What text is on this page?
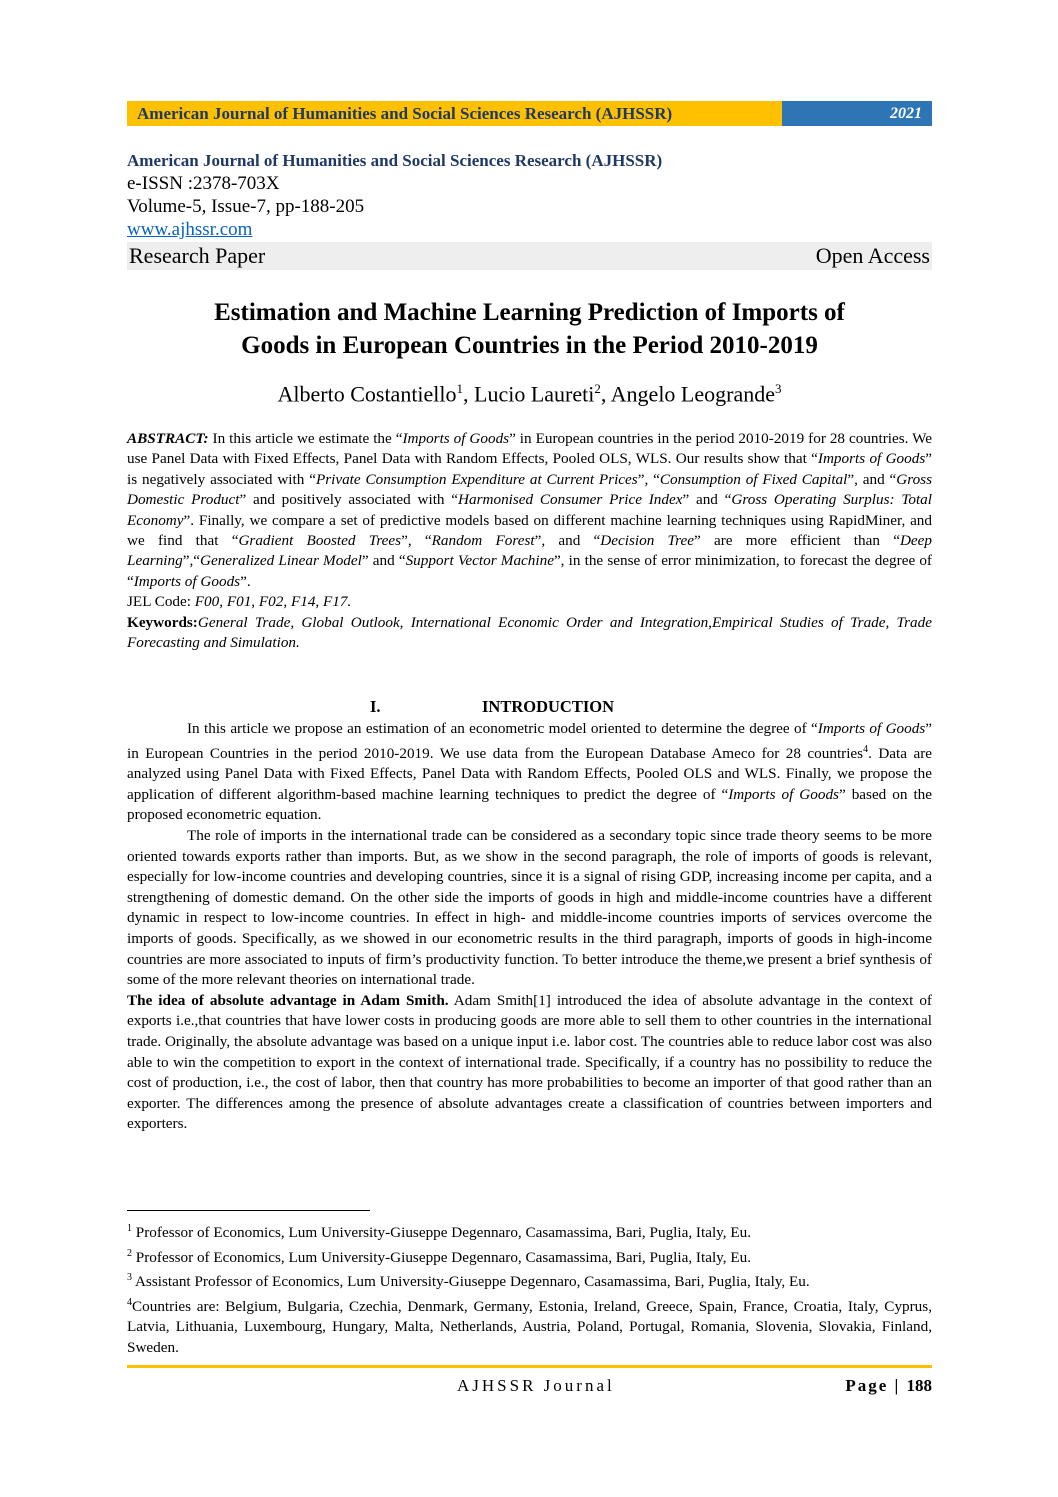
American Journal of Humanities and Social Sciences Research (AJHSSR)	2021
American Journal of Humanities and Social Sciences Research (AJHSSR)
e-ISSN :2378-703X
Volume-5, Issue-7, pp-188-205
www.ajhssr.com
Research Paper	Open Access
Estimation and Machine Learning Prediction of Imports of
Goods in European Countries in the Period 2010-2019
Alberto Costantiello$^1$, Lucio Laureti$^2$, Angelo Leogrande$^3$

ABSTRACT: In this article we estimate the “Imports of Goods” in European countries in the period 2010-2019 for 28 countries. We use Panel Data with Fixed Effects, Panel Data with Random Effects, Pooled OLS, WLS. Our results show that “Imports of Goods” is negatively associated with “Private Consumption Expenditure at Current Prices”, “Consumption of Fixed Capital”, and “Gross Domestic Product” and positively associated with “Harmonised Consumer Price Index” and “Gross Operating Surplus: Total Economy”. Finally, we compare a set of predictive models based on different machine learning techniques using RapidMiner, and we find that “Gradient Boosted Trees”, “Random Forest”, and “Decision Tree” are more efficient than “Deep Learning”,“Generalized Linear Model” and “Support Vector Machine”, in the sense of error minimization, to forecast the degree of “Imports of Goods”.

JEL Code: F00, F01, F02, F14, F17.

Keywords:General Trade, Global Outlook, International Economic Order and Integration,Empirical Studies of Trade, Trade Forecasting and Simulation.

I.	INTRODUCTION

In this article we propose an estimation of an econometric model oriented to determine the degree of “Imports of Goods” in European Countries in the period 2010-2019. We use data from the European Database Ameco for 28 countries$^4$. Data are analyzed using Panel Data with Fixed Effects, Panel Data with Random Effects, Pooled OLS and WLS. Finally, we propose the application of different algorithm-based machine learning techniques to predict the degree of “Imports of Goods” based on the proposed econometric equation.

The role of imports in the international trade can be considered as a secondary topic since trade theory seems to be more oriented towards exports rather than imports. But, as we show in the second paragraph, the role of imports of goods is relevant, especially for low-income countries and developing countries, since it is a signal of rising GDP, increasing income per capita, and a strengthening of domestic demand. On the other side the imports of goods in high and middle-income countries have a different dynamic in respect to low-income countries. In effect in high- and middle-income countries imports of services overcome the imports of goods. Specifically, as we showed in our econometric results in the third paragraph, imports of goods in high-income countries are more associated to inputs of firm’s productivity function. To better introduce the theme,we present a brief synthesis of some of the more relevant theories on international trade.

The idea of absolute advantage in Adam Smith. Adam Smith[1] introduced the idea of absolute advantage in the context of exports i.e.,that countries that have lower costs in producing goods are more able to sell them to other countries in the international trade. Originally, the absolute advantage was based on a unique input i.e. labor cost. The countries able to reduce labor cost was also able to win the competition to export in the context of international trade. Specifically, if a country has no possibility to reduce the cost of production, i.e., the cost of labor, then that country has more probabilities to become an importer of that good rather than an exporter. The differences among the presence of absolute advantages create a classification of countries between importers and exporters.

$^1$ Professor of Economics, Lum University-Giuseppe Degennaro, Casamassima, Bari, Puglia, Italy, Eu.

$^2$ Professor of Economics, Lum University-Giuseppe Degennaro, Casamassima, Bari, Puglia, Italy, Eu.

$^3$ Assistant Professor of Economics, Lum University-Giuseppe Degennaro, Casamassima, Bari, Puglia, Italy, Eu.

$^4$Countries are: Belgium, Bulgaria, Czechia, Denmark, Germany, Estonia, Ireland, Greece, Spain, France, Croatia, Italy, Cyprus, Latvia, Lithuania, Luxembourg, Hungary, Malta, Netherlands, Austria, Poland, Portugal, Romania, Slovenia, Slovakia, Finland, Sweden.

AJHSSR Journal	Page | 188
